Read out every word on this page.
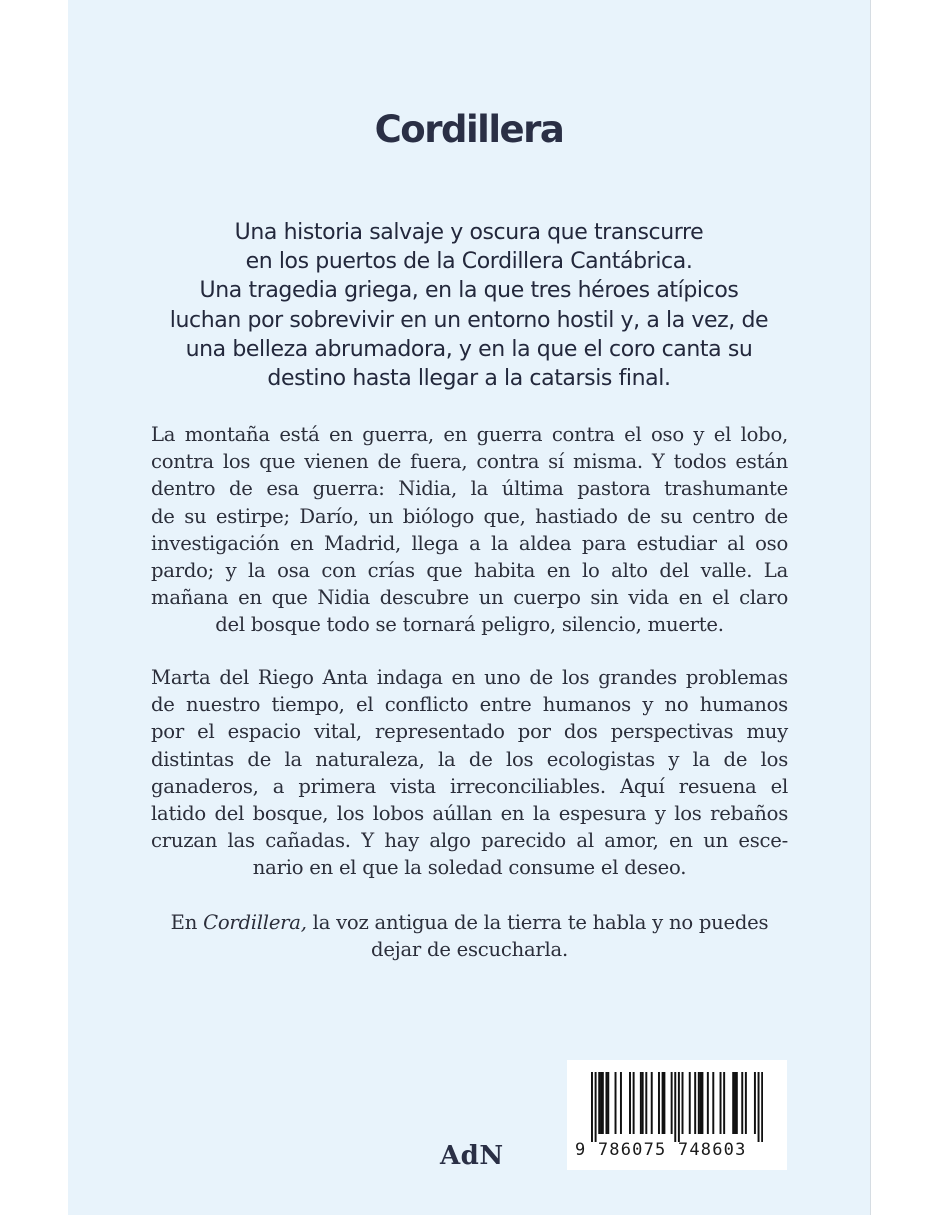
Cordillera

Una historia salvaje y oscura que transcurre
en los puertos de la Cordillera Cantábrica.
Una tragedia griega, en la que tres héroes atípicos
luchan por sobrevivir en un entorno hostil y, a la vez, de
una belleza abrumadora, y en la que el coro canta su
destino hasta llegar a la catarsis final.

La montaña está en guerra, en guerra contra el oso y el lobo,
contra los que vienen de fuera, contra sí misma. Y todos están
dentro de esa guerra: Nidia, la última pastora trashumante
de su estirpe; Darío, un biólogo que, hastiado de su centro de
investigación en Madrid, llega a la aldea para estudiar al oso
pardo; y la osa con crías que habita en lo alto del valle. La
mañana en que Nidia descubre un cuerpo sin vida en el claro
del bosque todo se tornará peligro, silencio, muerte.

Marta del Riego Anta indaga en uno de los grandes problemas
de nuestro tiempo, el conflicto entre humanos y no humanos
por el espacio vital, representado por dos perspectivas muy
distintas de la naturaleza, la de los ecologistas y la de los
ganaderos, a primera vista irreconciliables. Aquí resuena el
latido del bosque, los lobos aúllan en la espesura y los rebaños
cruzan las cañadas. Y hay algo parecido al amor, en un esce-
nario en el que la soledad consume el deseo.

En Cordillera, la voz antigua de la tierra te habla y no puedes
dejar de escucharla.

AdN	9 786075 748603
